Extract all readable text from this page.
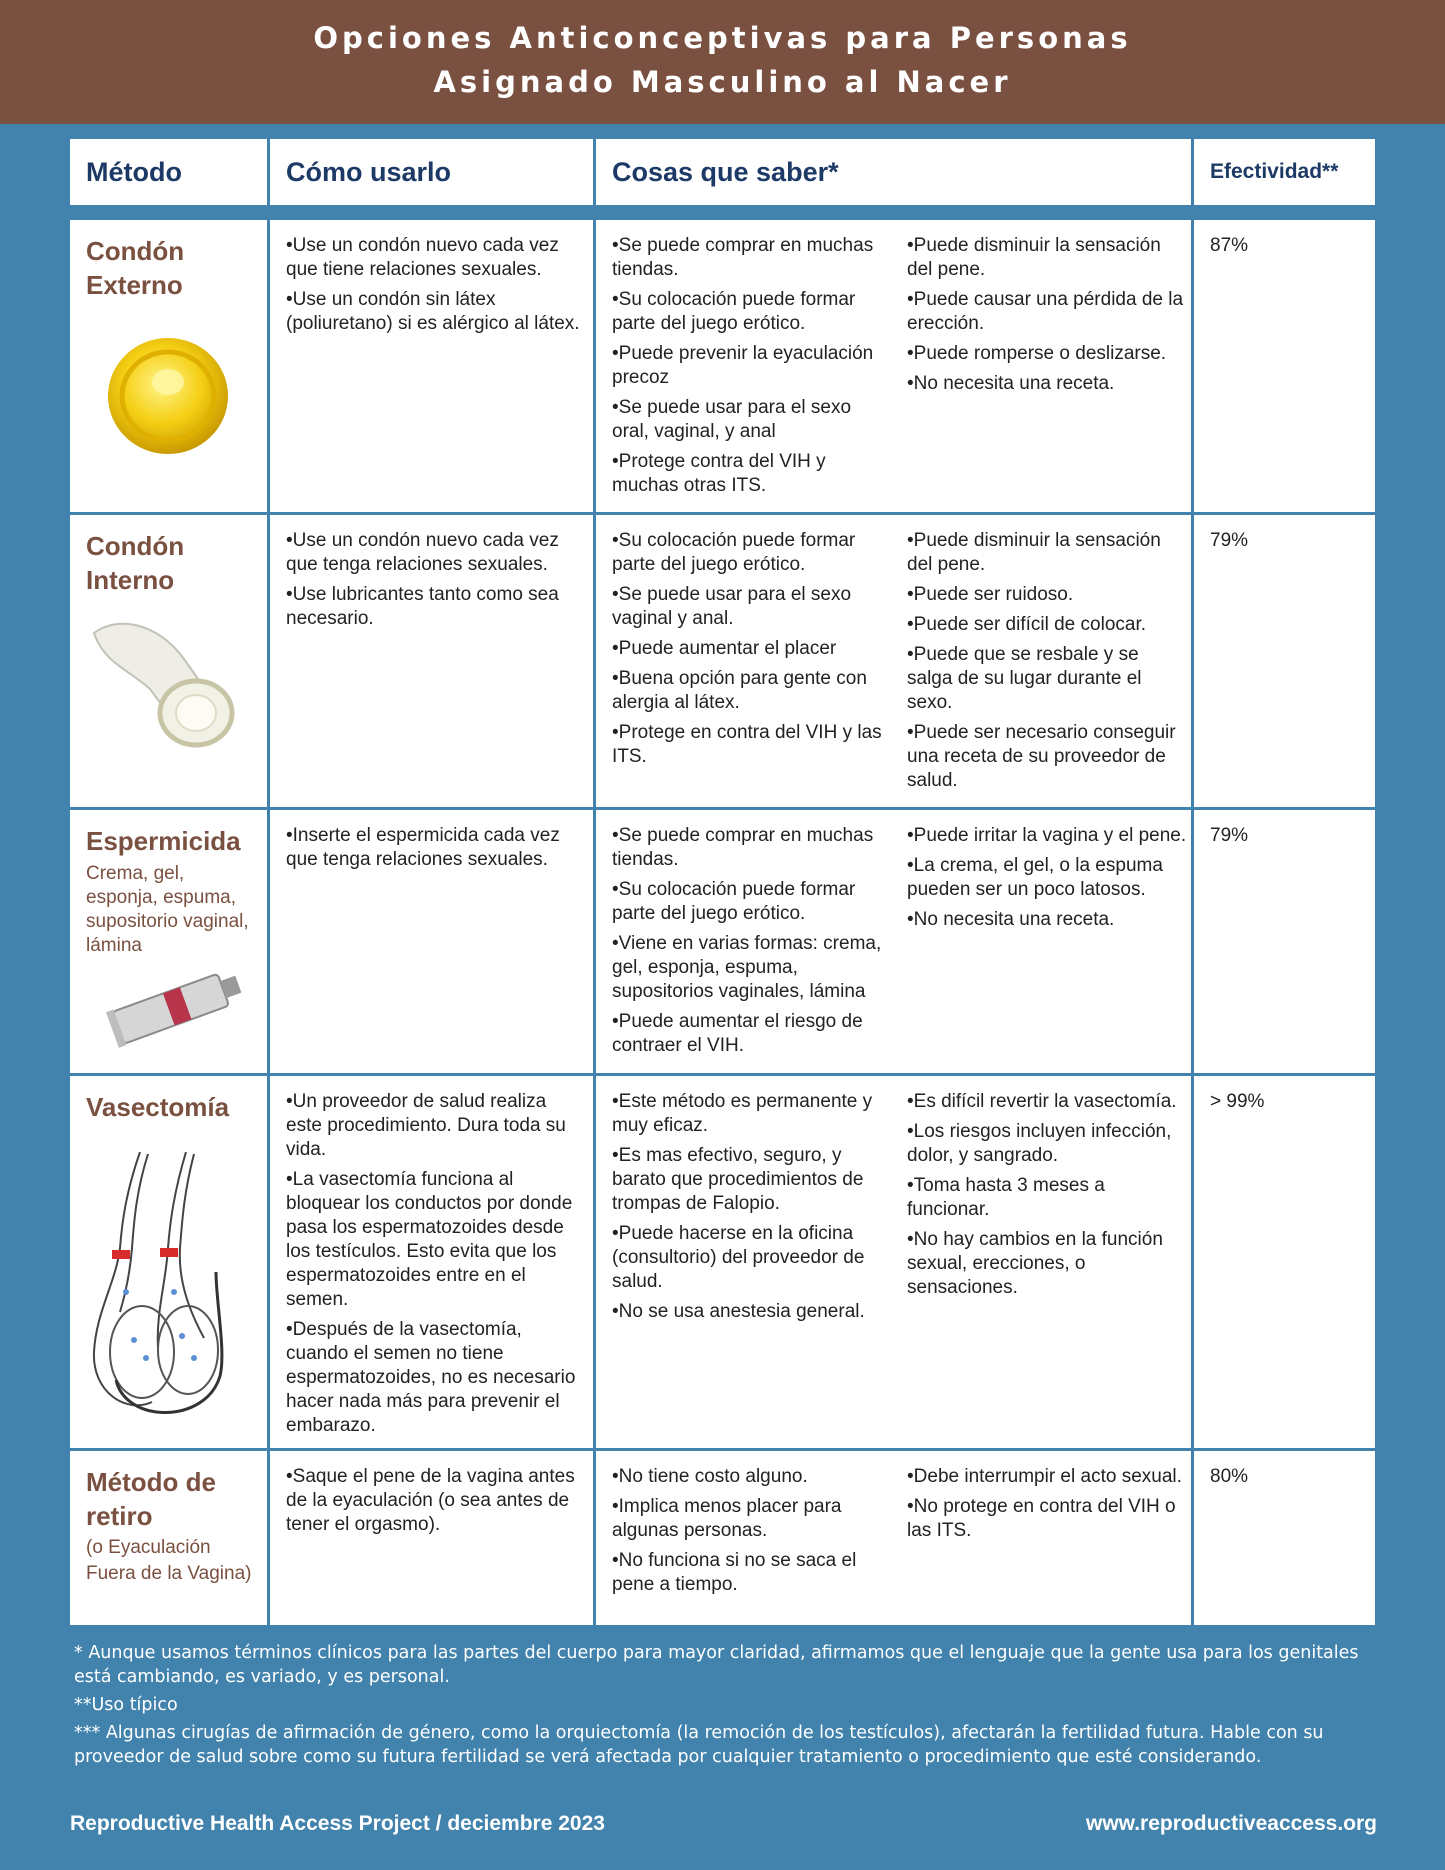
Opciones Anticonceptivas para Personas
Asignado Masculino al Nacer
Método	Cómo usarlo	Cosas que saber*	Efectividad**
Condón Externo
• Use un condón nuevo cada vez que tiene relaciones sexuales.
• Use un condón sin látex (poliuretano) si es alérgico al látex.
• Se puede comprar en muchas tiendas.
• Su colocación puede formar parte del juego erótico.
• Puede prevenir la eyaculación precoz
• Se puede usar para el sexo oral, vaginal, y anal
• Protege contra del VIH y muchas otras ITS.
• Puede disminuir la sensación del pene.
• Puede causar una pérdida de la erección.
• Puede romperse o deslizarse.
• No necesita una receta.
87%
Condón Interno
• Use un condón nuevo cada vez que tenga relaciones sexuales.
• Use lubricantes tanto como sea necesario.
• Su colocación puede formar parte del juego erótico.
• Se puede usar para el sexo vaginal y anal.
• Puede aumentar el placer
• Buena opción para gente con alergia al látex.
• Protege en contra del VIH y las ITS.
• Puede disminuir la sensación del pene.
• Puede ser ruidoso.
• Puede ser difícil de colocar.
• Puede que se resbale y se salga de su lugar durante el sexo.
• Puede ser necesario conseguir una receta de su proveedor de salud.
79%
Espermicida
Crema, gel, esponja, espuma, supositorio vaginal, lámina
• Inserte el espermicida cada vez que tenga relaciones sexuales.
• Se puede comprar en muchas tiendas.
• Su colocación puede formar parte del juego erótico.
• Viene en varias formas: crema, gel, esponja, espuma, supositorios vaginales, lámina
• Puede aumentar el riesgo de contraer el VIH.
• Puede irritar la vagina y el pene.
• La crema, el gel, o la espuma pueden ser un poco latosos.
• No necesita una receta.
79%
Vasectomía
•	Un proveedor de salud realiza este procedimiento. Dura toda su vida.
• La vasectomía funciona al bloquear los conductos por donde pasa los espermatozoides desde los testículos. Esto evita que los espermatozoides entre en el semen.
• Después de la vasectomía, cuando el semen no tiene espermatozoides, no es necesario hacer nada más para prevenir el embarazo.
• Este método es permanente y muy eficaz.
• Es mas efectivo, seguro, y barato que procedimientos de trompas de Falopio.
• Puede hacerse en la oficina (consultorio) del proveedor de salud.
• No se usa anestesia general.
• Es difícil revertir la vasectomía.
• Los riesgos incluyen infección, dolor, y sangrado.
• Toma hasta 3 meses a funcionar.
• No hay cambios en la función sexual, erecciones, o sensaciones.
> 99%
Método de retiro
(o Eyaculación Fuera de la Vagina)
• Saque el pene de la vagina antes de la eyaculación (o sea antes de tener el orgasmo).
• No tiene costo alguno.
• Implica menos placer para algunas personas.
• No funciona si no se saca el pene a tiempo.
• Debe interrumpir el acto sexual.
• No protege en contra del VIH o las ITS.
80%

* Aunque usamos términos clínicos para las partes del cuerpo para mayor claridad, afirmamos que el lenguaje que la gente usa para los genitales está cambiando, es variado, y es personal.

**Uso típico

*** Algunas cirugías de afirmación de género, como la orquiectomía (la remoción de los testículos), afectarán la fertilidad futura. Hable con su proveedor de salud sobre como su futura fertilidad se verá afectada por cualquier tratamiento o procedimiento que esté considerando.

Reproductive Health Access Project / deciembre 2023	www.reproductiveaccess.org
